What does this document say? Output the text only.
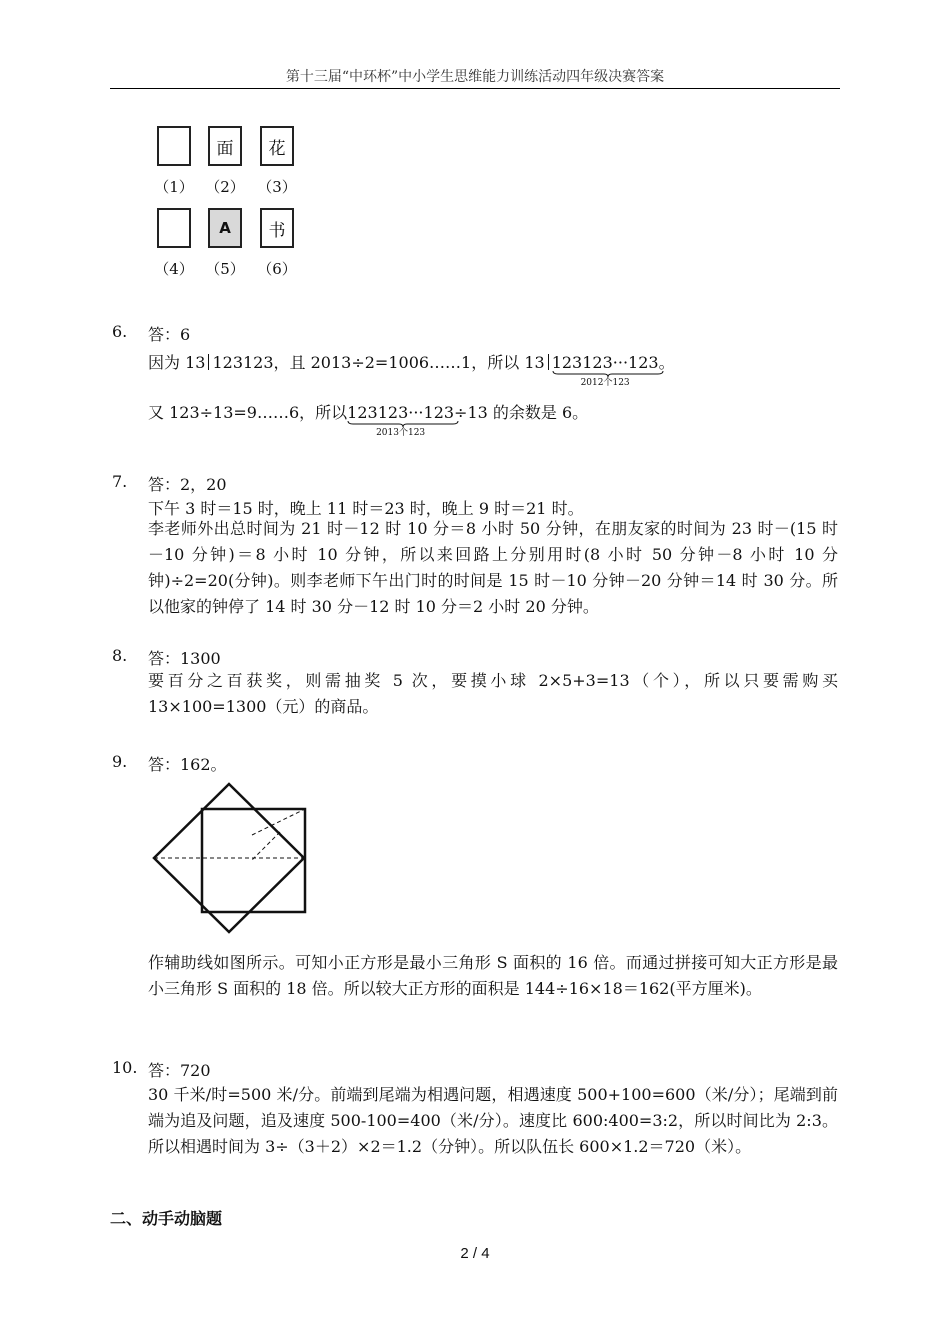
第十三届“中环杯”中小学生思维能力训练活动四年级决赛答案
面	花
（1） （2） （3）
A	书
（4） （5） （6）
6. 答：6
因为 13 123123，且 2013÷2=1006……1，所以 13 123123···123
2012个123
。
又 123÷13=9……6，所以123123···123
2013个123
÷13 的余数是 6。
7. 答：2，20
下午 3 时＝15 时，晚上 11 时＝23 时，晚上 9 时＝21 时。
李老师外出总时间为 21 时－12 时 10 分＝8 小时 50 分钟，在朋友家的时间为 23 时－(15 时－10 分钟)＝8 小时 10 分钟，所以来回路上分别用时(8 小时 50 分钟－8 小时 10 分钟)÷2=20(分钟)。则李老师下午出门时的时间是 15 时－10 分钟－20 分钟＝14 时 30 分。所以他家的钟停了 14 时 30 分－12 时 10 分＝2 小时 20 分钟。
8. 答：1300
要百分之百获奖，则需抽奖 5 次，要摸小球 2×5+3=13（个），所以只要需购买 13×100=1300（元）的商品。
9. 答：162。
作辅助线如图所示。可知小正方形是最小三角形 S 面积的 16 倍。而通过拼接可知大正方形是最小三角形 S 面积的 18 倍。所以较大正方形的面积是 144÷16×18＝162(平方厘米)。
10. 答：720
30 千米/时=500 米/分。前端到尾端为相遇问题，相遇速度 500+100=600（米/分）；尾端到前端为追及问题，追及速度 500-100=400（米/分）。速度比 600:400=3:2，所以时间比为 2:3。所以相遇时间为 3÷（3＋2）×2＝1.2（分钟）。所以队伍长 600×1.2＝720（米）。
二、动手动脑题
2 / 4
